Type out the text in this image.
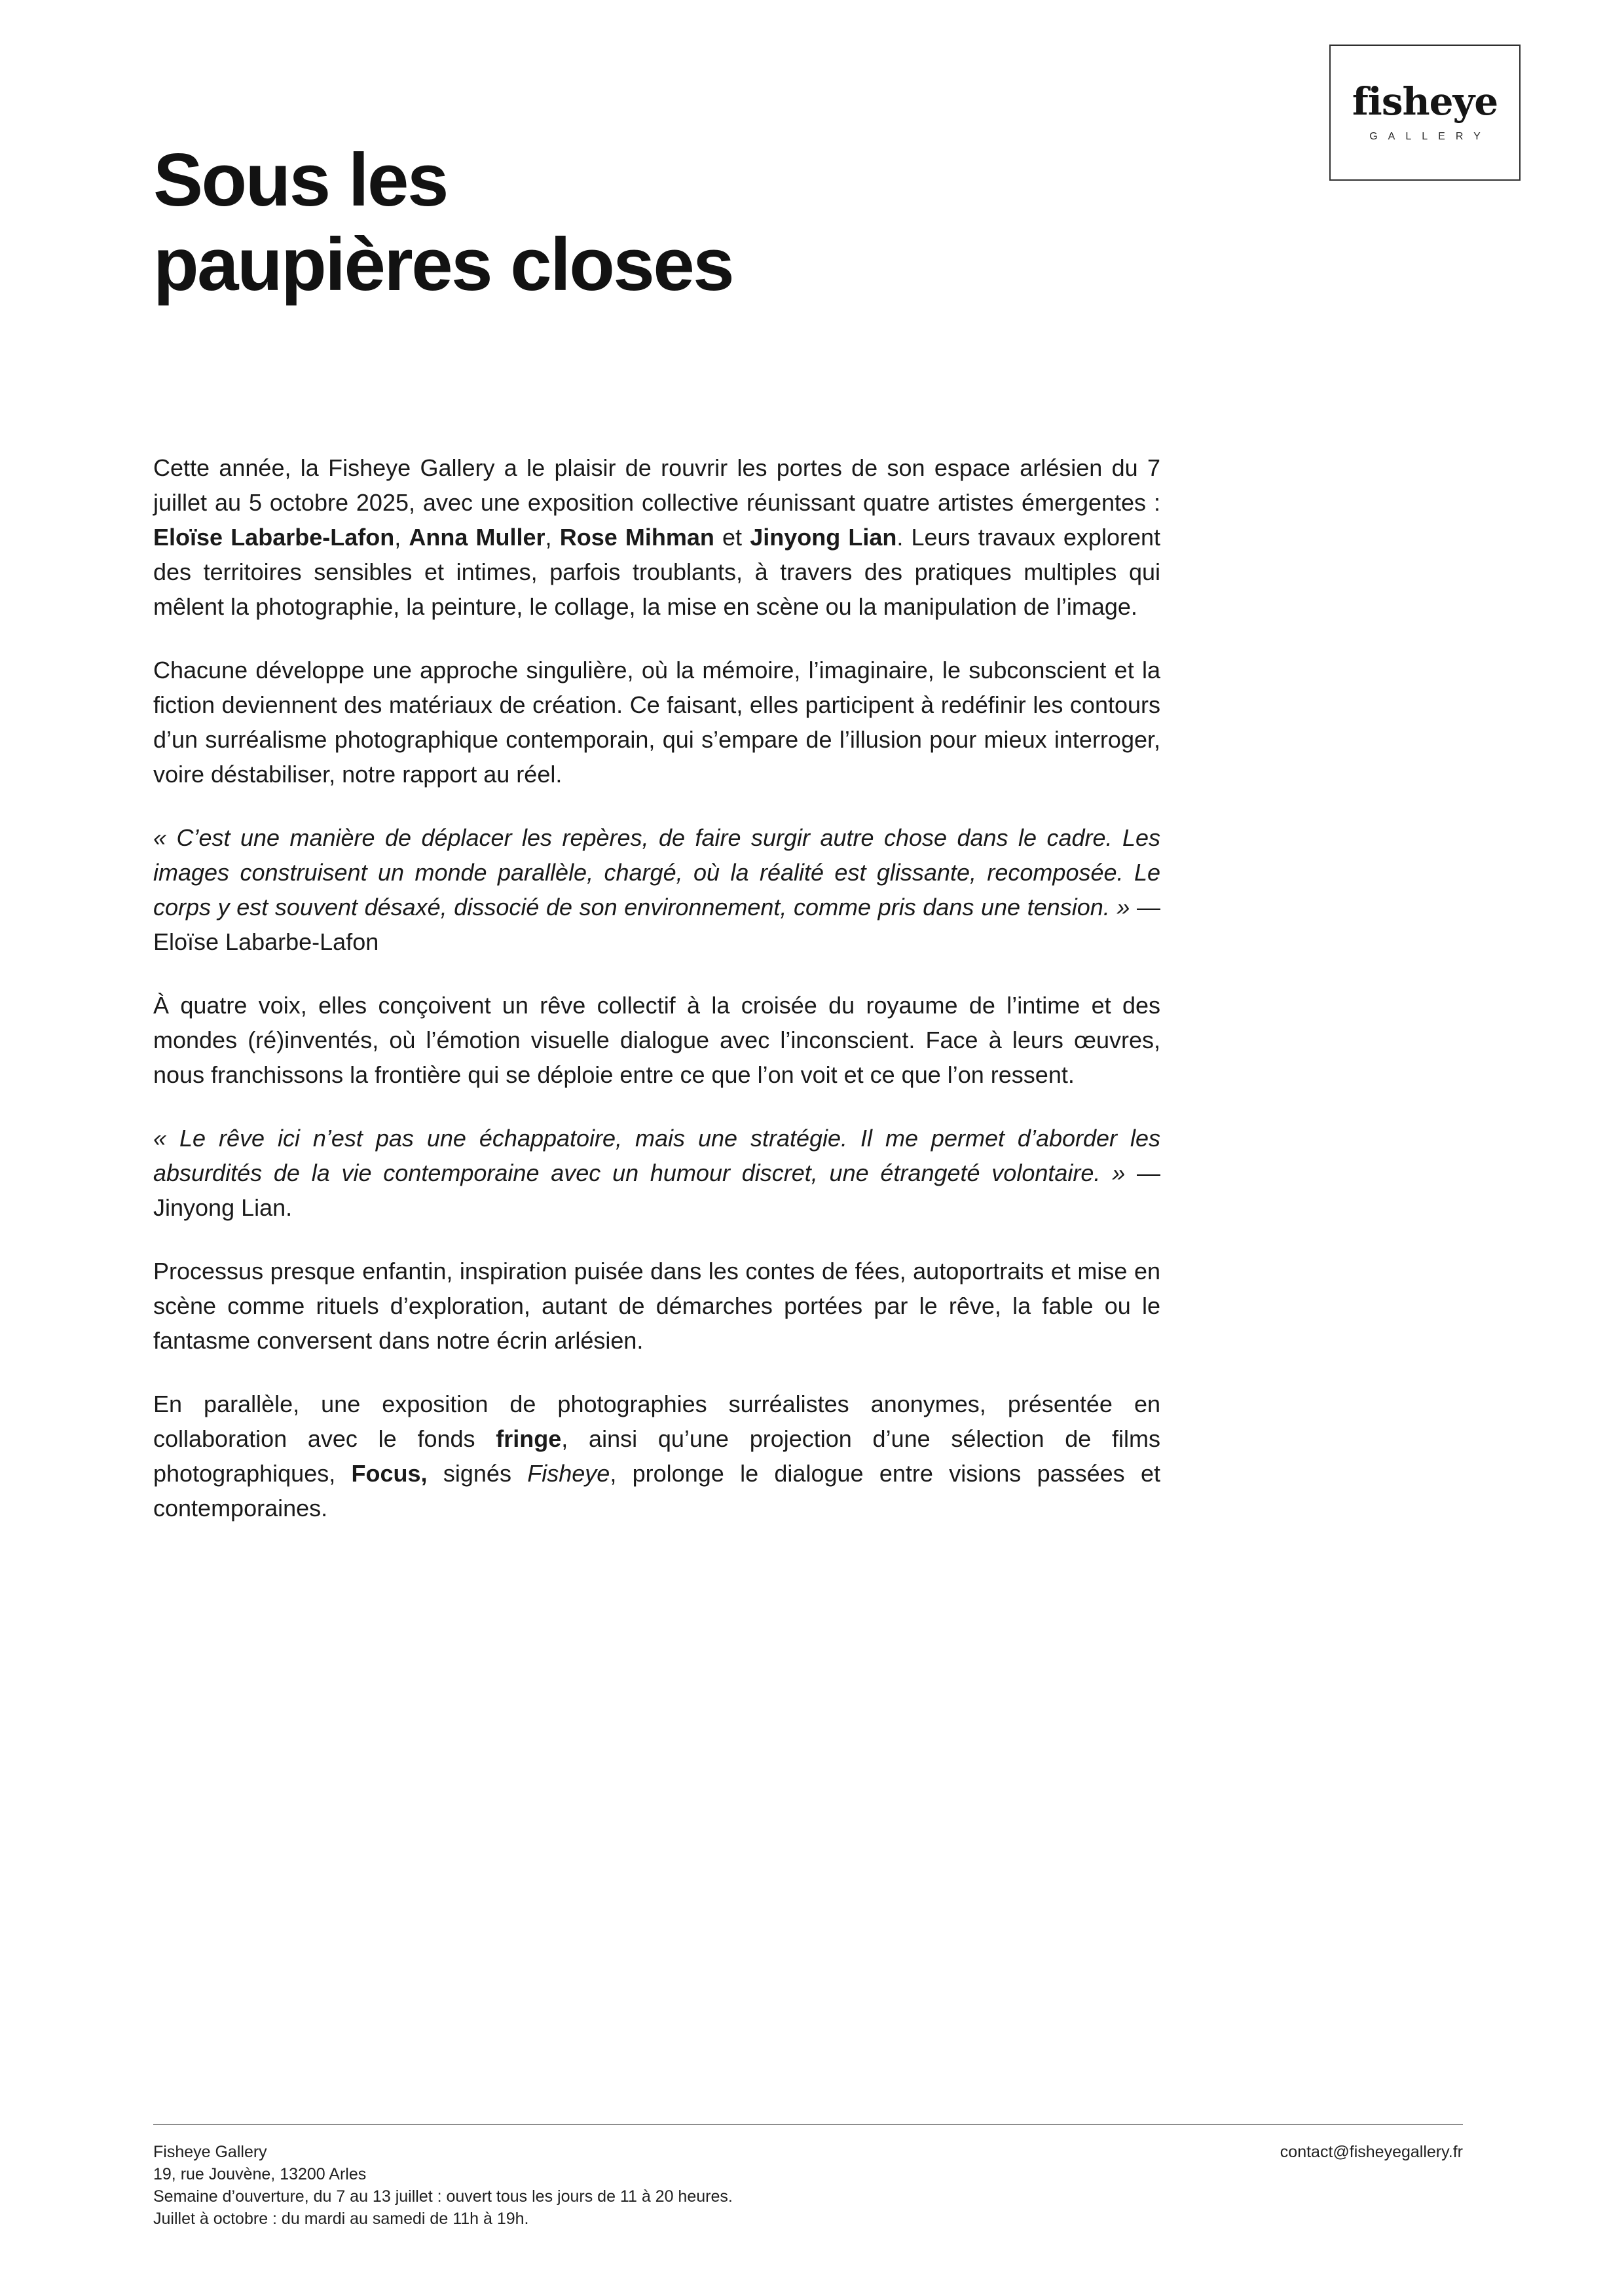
fisheye
GALLERY
Sous les
paupières closes

Cette année, la Fisheye Gallery a le plaisir de rouvrir les portes de son espace arlésien du 7 juillet au 5 octobre 2025, avec une exposition collective réunissant quatre artistes émergentes : Eloïse Labarbe-Lafon, Anna Muller, Rose Mihman et Jinyong Lian. Leurs travaux explorent des territoires sensibles et intimes, parfois troublants, à travers des pratiques multiples qui mêlent la photographie, la peinture, le collage, la mise en scène ou la manipulation de l’image.

Chacune développe une approche singulière, où la mémoire, l’imaginaire, le subconscient et la fiction deviennent des matériaux de création. Ce faisant, elles participent à redéfinir les contours d’un surréalisme photographique contemporain, qui s’empare de l’illusion pour mieux interroger, voire déstabiliser, notre rapport au réel.

« C’est une manière de déplacer les repères, de faire surgir autre chose dans le cadre. Les images construisent un monde parallèle, chargé, où la réalité est glissante, recomposée. Le corps y est souvent désaxé, dissocié de son environnement, comme pris dans une tension. » — Eloïse Labarbe-Lafon

À quatre voix, elles conçoivent un rêve collectif à la croisée du royaume de l’intime et des mondes (ré)inventés, où l’émotion visuelle dialogue avec l’inconscient. Face à leurs œuvres, nous franchissons la frontière qui se déploie entre ce que l’on voit et ce que l’on ressent.

« Le rêve ici n’est pas une échappatoire, mais une stratégie. Il me permet d’aborder les absurdités de la vie contemporaine avec un humour discret, une étrangeté volontaire. » — Jinyong Lian.

Processus presque enfantin, inspiration puisée dans les contes de fées, autoportraits et mise en scène comme rituels d’exploration, autant de démarches portées par le rêve, la fable ou le fantasme conversent dans notre écrin arlésien.

En parallèle, une exposition de photographies surréalistes anonymes, présentée en collaboration avec le fonds fringe, ainsi qu’une projection d’une sélection de films photographiques, Focus, signés Fisheye, prolonge le dialogue entre visions passées et contemporaines.

Fisheye Gallery
19, rue Jouvène, 13200 Arles
Semaine d’ouverture, du 7 au 13 juillet : ouvert tous les jours de 11 à 20 heures.
Juillet à octobre : du mardi au samedi de 11h à 19h.
contact@fisheyegallery.fr
